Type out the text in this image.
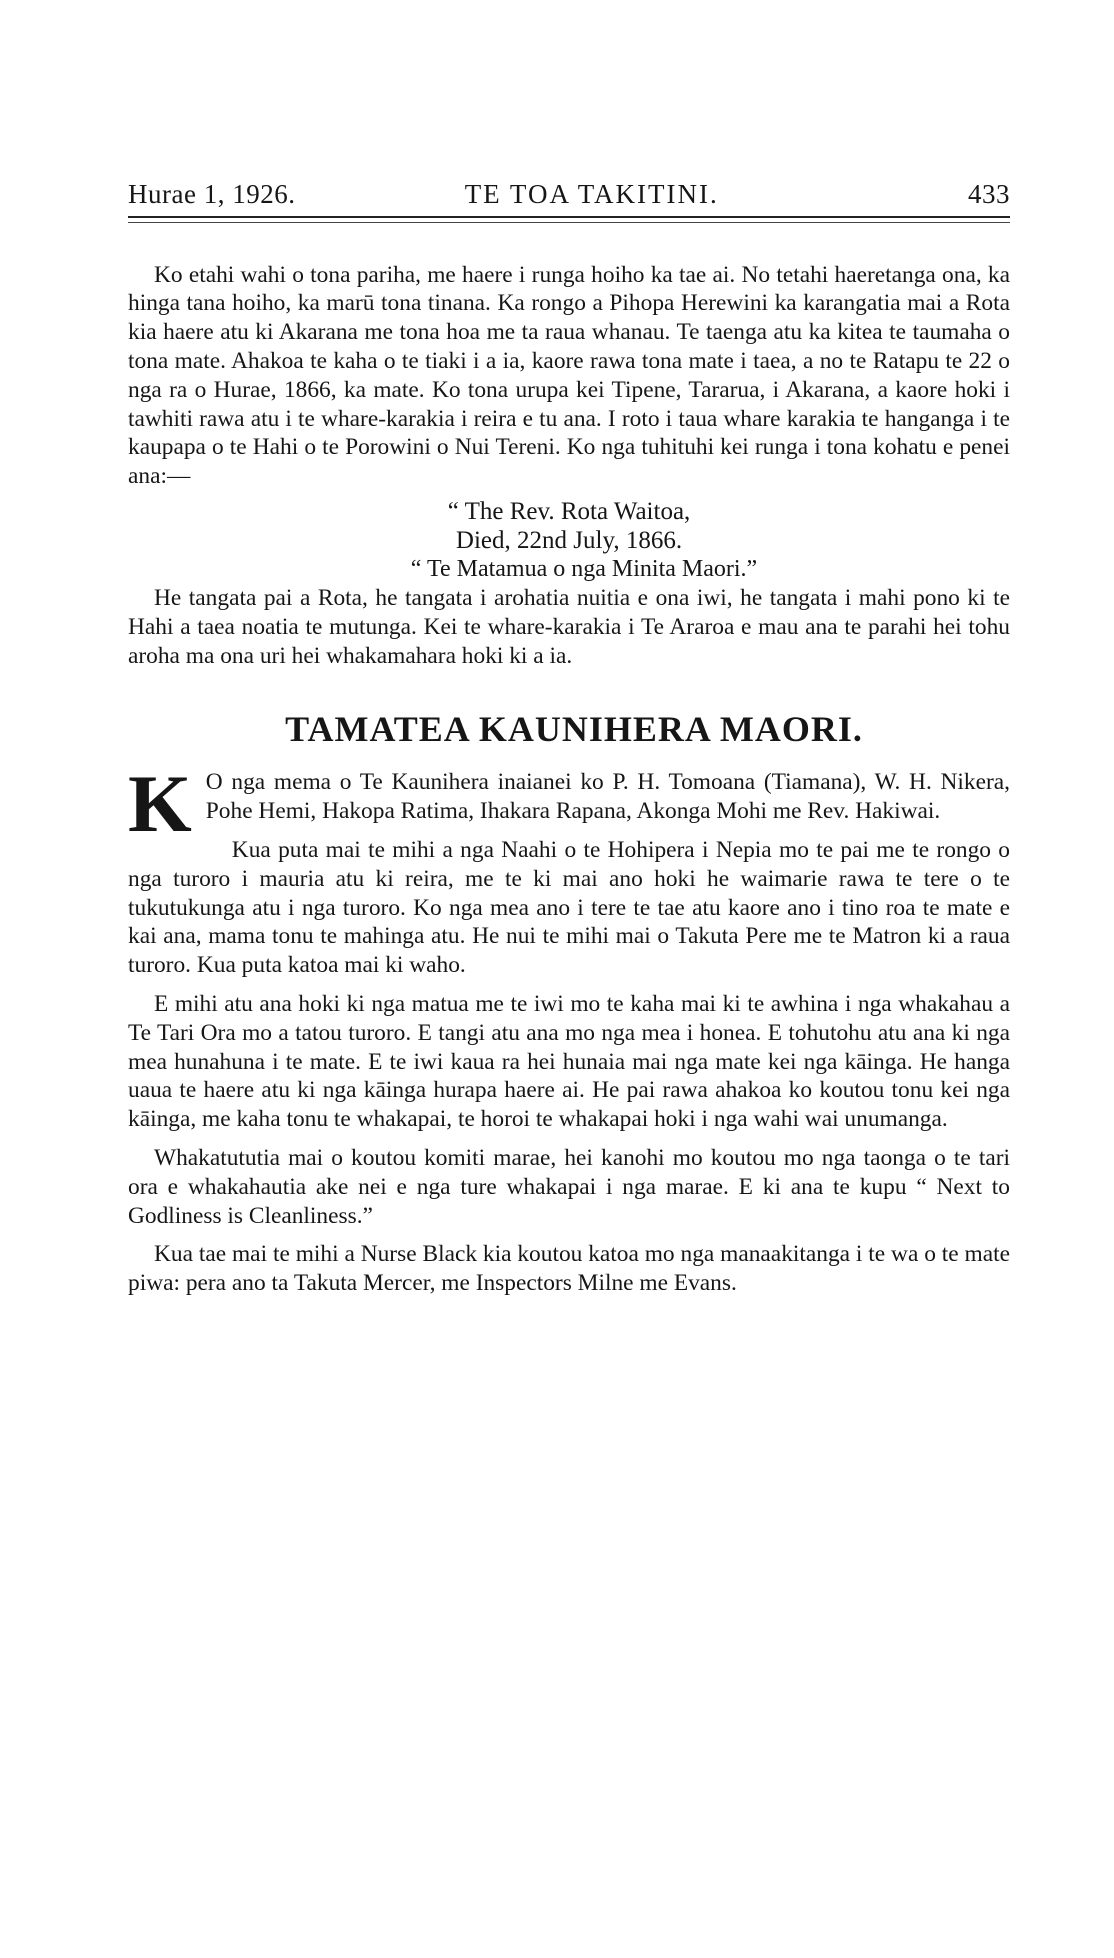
Hurae 1, 1926.	TE TOA TAKITINI.	433

Ko etahi wahi o tona pariha, me haere i runga hoiho ka tae ai. No tetahi haeretanga ona, ka hinga tana hoiho, ka marū tona tinana. Ka rongo a Pihopa Herewini ka karangatia mai a Rota kia haere atu ki Akarana me tona hoa me ta raua whanau. Te taenga atu ka kitea te taumaha o tona mate. Ahakoa te kaha o te tiaki i a ia, kaore rawa tona mate i taea, a no te Ratapu te 22 o nga ra o Hurae, 1866, ka mate. Ko tona urupa kei Tipene, Tararua, i Akarana, a kaore hoki i tawhiti rawa atu i te whare-karakia i reira e tu ana. I roto i taua whare karakia te hanganga i te kaupapa o te Hahi o te Porowini o Nui Tereni. Ko nga tuhituhi kei runga i tona kohatu e penei ana:—

“ The Rev. Rota Waitoa,
Died, 22nd July, 1866.
“ Te Matamua o nga Minita Maori.”

He tangata pai a Rota, he tangata i arohatia nuitia e ona iwi, he tangata i mahi pono ki te Hahi a taea noatia te mutunga. Kei te whare-karakia i Te Araroa e mau ana te parahi hei tohu aroha ma ona uri hei whakamahara hoki ki a ia.

TAMATEA KAUNIHERA MAORI.

K O nga mema o Te Kaunihera inaianei ko P. H. Tomoana (Tiamana), W. H. Nikera, Pohe Hemi, Hakopa Ratima, Ihakara Rapana, Akonga Mohi me Rev. Hakiwai.

Kua puta mai te mihi a nga Naahi o te Hohipera i Nepia mo te pai me te rongo o nga turoro i mauria atu ki reira, me te ki mai ano hoki he waimarie rawa te tere o te tukutukunga atu i nga turoro. Ko nga mea ano i tere te tae atu kaore ano i tino roa te mate e kai ana, mama tonu te mahinga atu. He nui te mihi mai o Takuta Pere me te Matron ki a raua turoro. Kua puta katoa mai ki waho.

E mihi atu ana hoki ki nga matua me te iwi mo te kaha mai ki te awhina i nga whakahau a Te Tari Ora mo a tatou turoro. E tangi atu ana mo nga mea i honea. E tohutohu atu ana ki nga mea hunahuna i te mate. E te iwi kaua ra hei hunaia mai nga mate kei nga kāinga. He hanga uaua te haere atu ki nga kāinga hurapa haere ai. He pai rawa ahakoa ko koutou tonu kei nga kāinga, me kaha tonu te whakapai, te horoi te whakapai hoki i nga wahi wai unumanga.

Whakatututia mai o koutou komiti marae, hei kanohi mo koutou mo nga taonga o te tari ora e whakahautia ake nei e nga ture whakapai i nga marae. E ki ana te kupu “ Next to Godliness is Cleanliness.”

Kua tae mai te mihi a Nurse Black kia koutou katoa mo nga manaakitanga i te wa o te mate piwa: pera ano ta Takuta Mercer, me Inspectors Milne me Evans.
